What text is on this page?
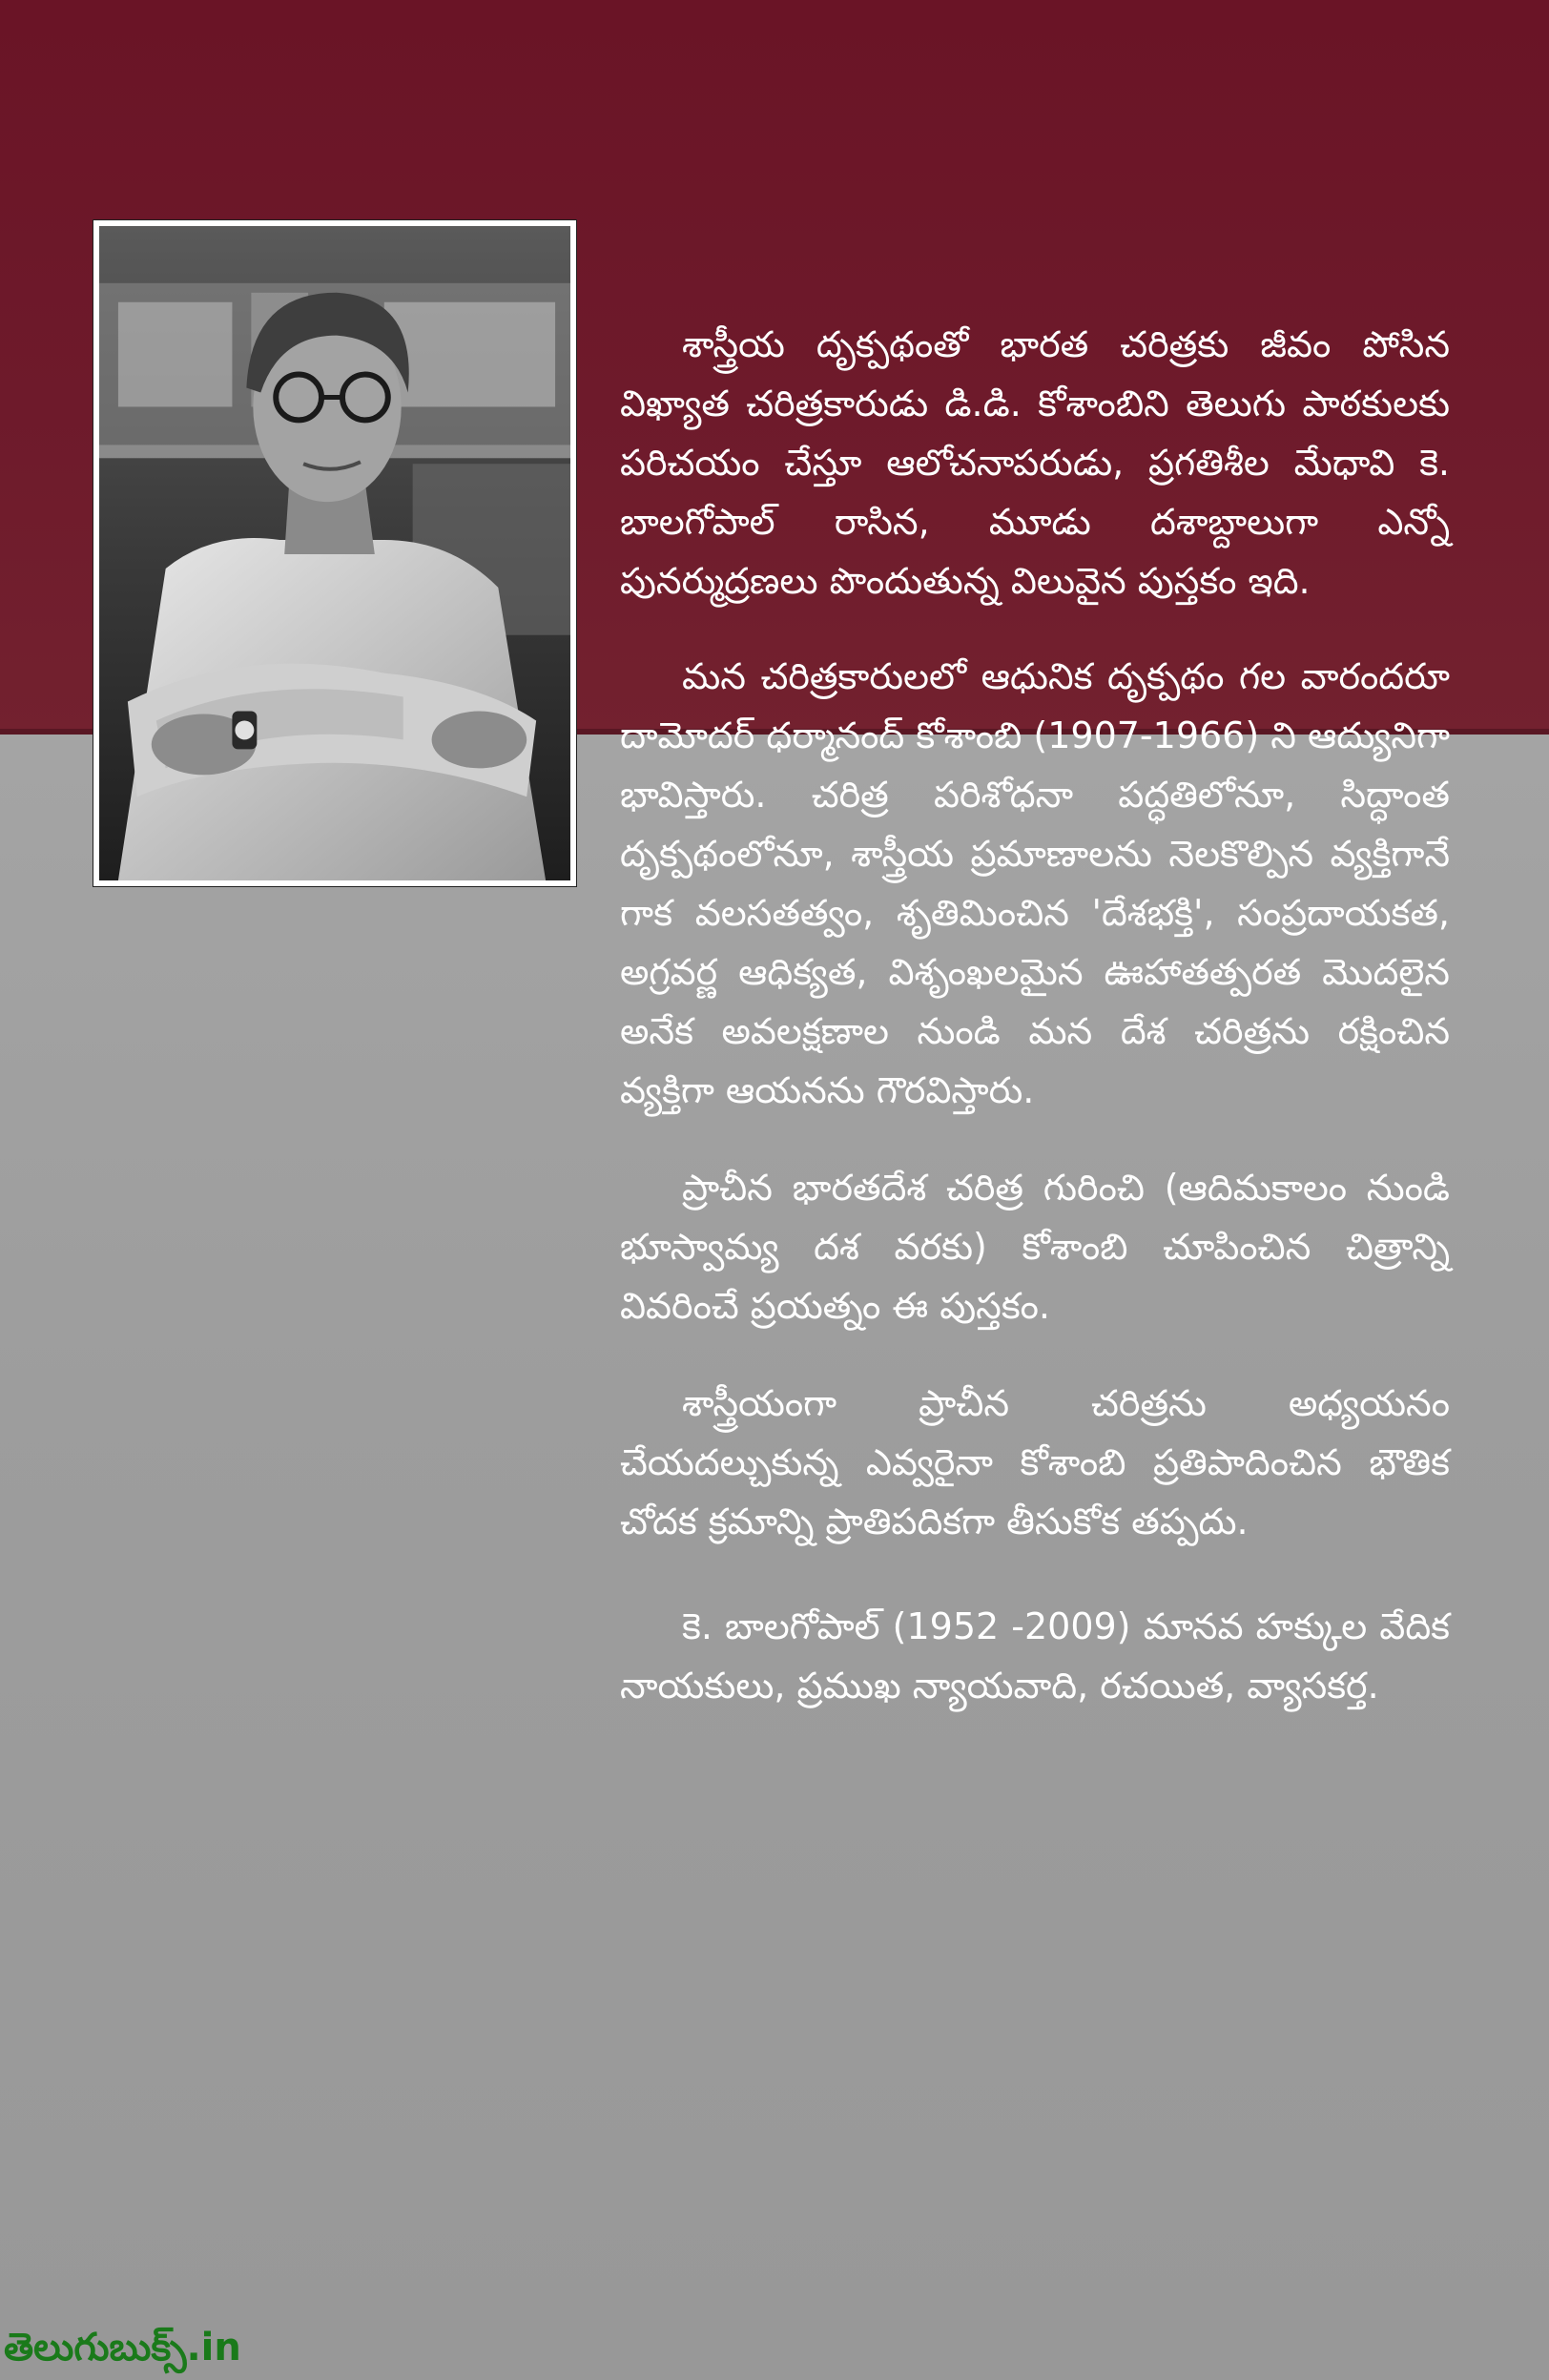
శాస్త్రీయ దృక్పథంతో భారత చరిత్రకు జీవం పోసిన విఖ్యాత చరిత్రకారుడు డి.డి. కోశాంబిని తెలుగు పాఠకులకు పరిచయం చేస్తూ ఆలోచనాపరుడు, ప్రగతిశీల మేధావి కె. బాలగోపాల్ రాసిన, మూడు దశాబ్దాలుగా ఎన్నో పునర్ముద్రణలు పొందుతున్న విలువైన పుస్తకం ఇది.

మన చరిత్రకారులలో ఆధునిక దృక్పథం గల వారందరూ దామోదర్ ధర్మానంద్ కోశాంబి (1907-1966) ని ఆద్యునిగా భావిస్తారు. చరిత్ర పరిశోధనా పద్ధతిలోనూ, సిద్ధాంత దృక్పథంలోనూ, శాస్త్రీయ ప్రమాణాలను నెలకొల్పిన వ్యక్తిగానే గాక వలసతత్వం, శృతిమించిన 'దేశభక్తి', సంప్రదాయకత, అగ్రవర్ణ ఆధిక్యత, విశృంఖలమైన ఊహాతత్పరత మొదలైన అనేక అవలక్షణాల నుండి మన దేశ చరిత్రను రక్షించిన వ్యక్తిగా ఆయనను గౌరవిస్తారు.

ప్రాచీన భారతదేశ చరిత్ర గురించి (ఆదిమకాలం నుండి భూస్వామ్య దశ వరకు) కోశాంబి చూపించిన చిత్రాన్ని వివరించే ప్రయత్నం ఈ పుస్తకం.

శాస్త్రీయంగా ప్రాచీన చరిత్రను అధ్యయనం చేయదల్చుకున్న ఎవ్వరైనా కోశాంబి ప్రతిపాదించిన భౌతిక చోదక క్రమాన్ని ప్రాతిపదికగా తీసుకోక తప్పదు.

కె. బాలగోపాల్ (1952 -2009) మానవ హక్కుల వేదిక నాయకులు, ప్రముఖ న్యాయవాది, రచయిత, వ్యాసకర్త.

తెలుగుబుక్స్.in
